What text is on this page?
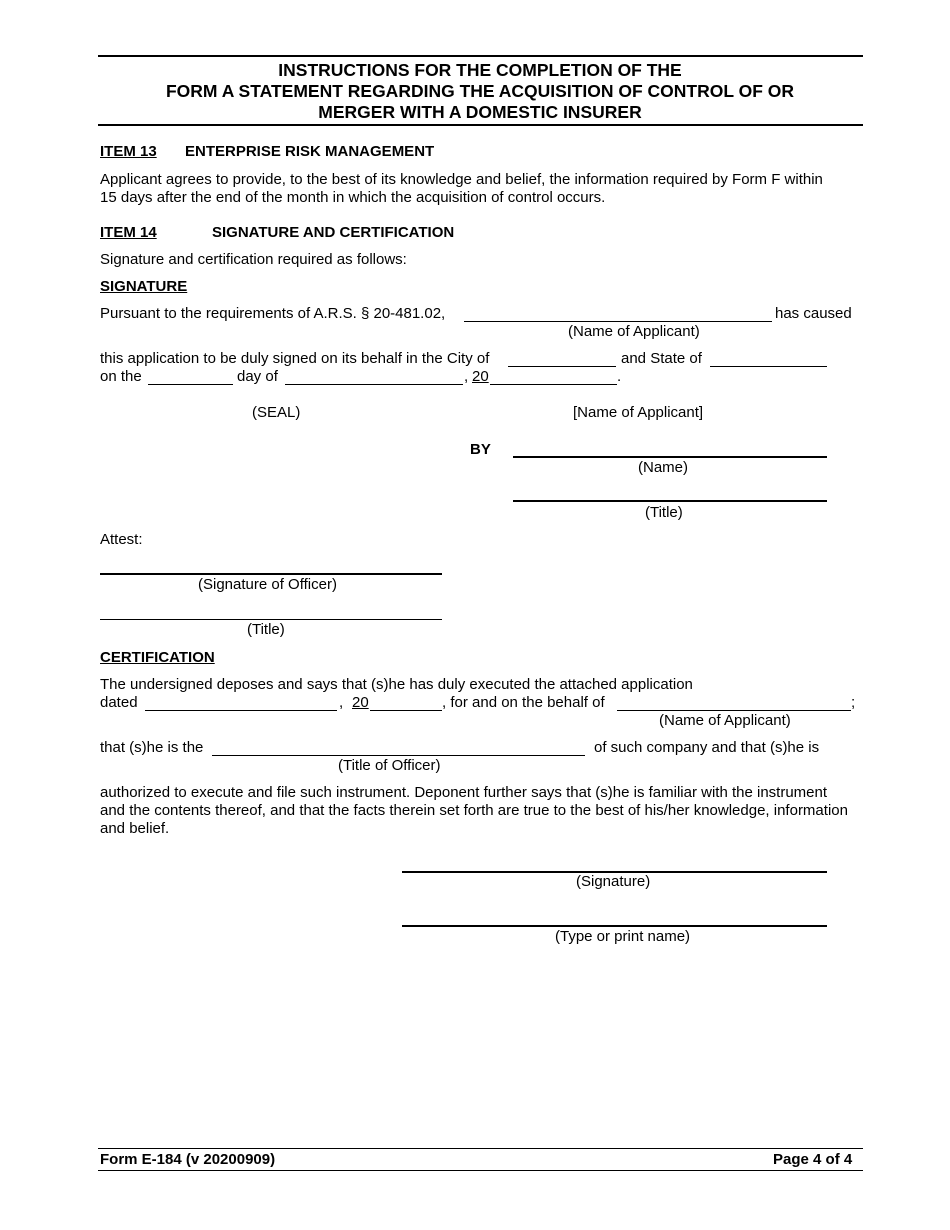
INSTRUCTIONS FOR THE COMPLETION OF THE
FORM A STATEMENT REGARDING THE ACQUISITION OF CONTROL OF OR
MERGER WITH A DOMESTIC INSURER
ITEM 13 ENTERPRISE RISK MANAGEMENT
Applicant agrees to provide, to the best of its knowledge and belief, the information required by Form F within
15 days after the end of the month in which the acquisition of control occurs.
ITEM 14	SIGNATURE AND CERTIFICATION
Signature and certification required as follows:
SIGNATURE
Pursuant to the requirements of A.R.S. § 20-481.02,	has caused
(Name of Applicant)
this application to be duly signed on its behalf in the City of	and State of
on the	day of	, 20	.
(SEAL)	[Name of Applicant]
BY
(Name)
(Title)
Attest:
(Signature of Officer)
(Title)
CERTIFICATION
The undersigned deposes and says that (s)he has duly executed the attached application
dated	, 20	, for and on the behalf of	;
(Name of Applicant)
that (s)he is the	of such company and that (s)he is
(Title of Officer)
authorized to execute and file such instrument. Deponent further says that (s)he is familiar with the instrument
and the contents thereof, and that the facts therein set forth are true to the best of his/her knowledge, information
and belief.
(Signature)
(Type or print name)
Form E-184 (v 20200909)	Page 4 of 4
